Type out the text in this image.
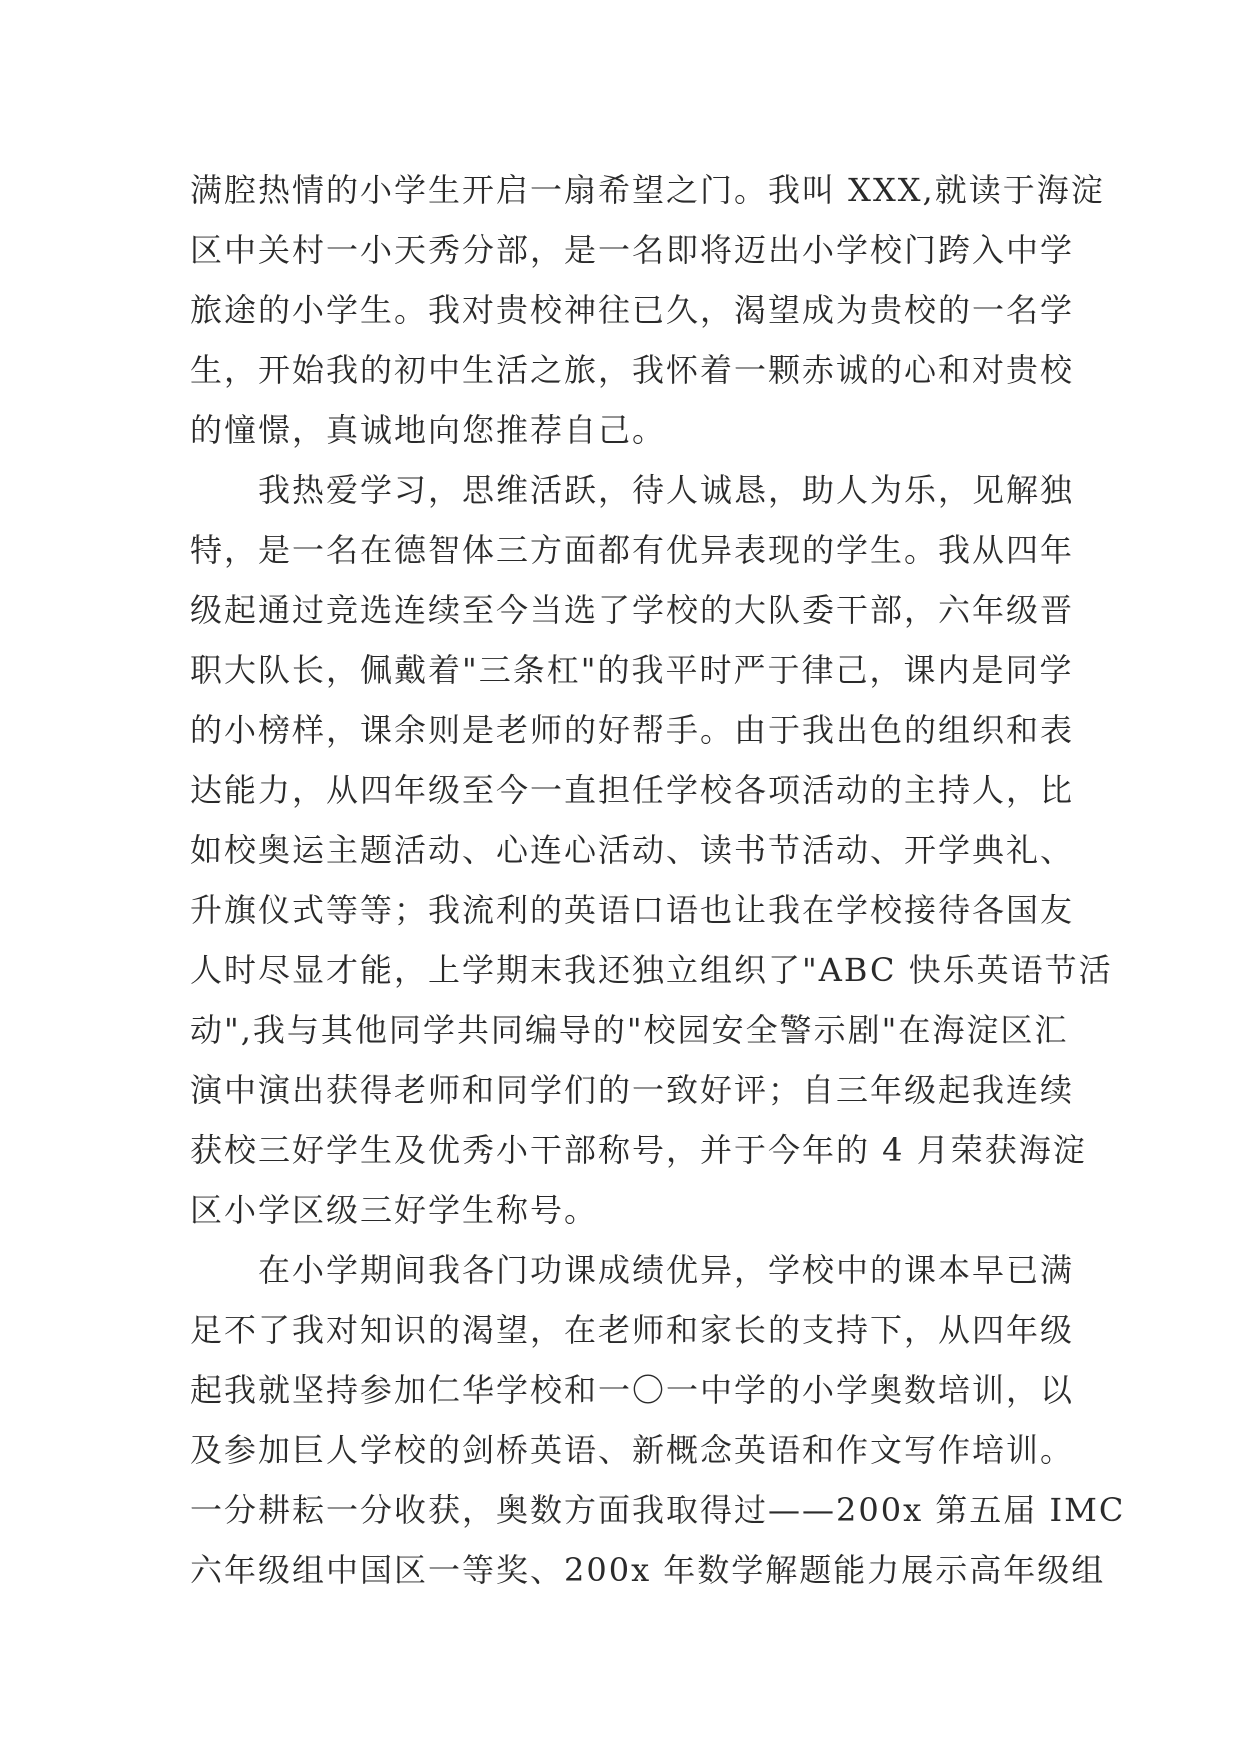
满腔热情的小学生开启一扇希望之门。我叫 XXX,就读于海淀
区中关村一小天秀分部，是一名即将迈出小学校门跨入中学
旅途的小学生。我对贵校神往已久，渴望成为贵校的一名学
生，开始我的初中生活之旅，我怀着一颗赤诚的心和对贵校
的憧憬，真诚地向您推荐自己。
我热爱学习，思维活跃，待人诚恳，助人为乐，见解独
特，是一名在德智体三方面都有优异表现的学生。我从四年
级起通过竞选连续至今当选了学校的大队委干部，六年级晋
职大队长，佩戴着"三条杠"的我平时严于律己，课内是同学
的小榜样，课余则是老师的好帮手。由于我出色的组织和表
达能力，从四年级至今一直担任学校各项活动的主持人，比
如校奥运主题活动、心连心活动、读书节活动、开学典礼、
升旗仪式等等；我流利的英语口语也让我在学校接待各国友
人时尽显才能，上学期末我还独立组织了"ABC 快乐英语节活
动",我与其他同学共同编导的"校园安全警示剧"在海淀区汇
演中演出获得老师和同学们的一致好评；自三年级起我连续
获校三好学生及优秀小干部称号，并于今年的 4 月荣获海淀
区小学区级三好学生称号。
在小学期间我各门功课成绩优异，学校中的课本早已满
足不了我对知识的渴望，在老师和家长的支持下，从四年级
起我就坚持参加仁华学校和一〇一中学的小学奥数培训，以
及参加巨人学校的剑桥英语、新概念英语和作文写作培训。
一分耕耘一分收获，奥数方面我取得过——200x 第五届 IMC
六年级组中国区一等奖、200x 年数学解题能力展示高年级组
